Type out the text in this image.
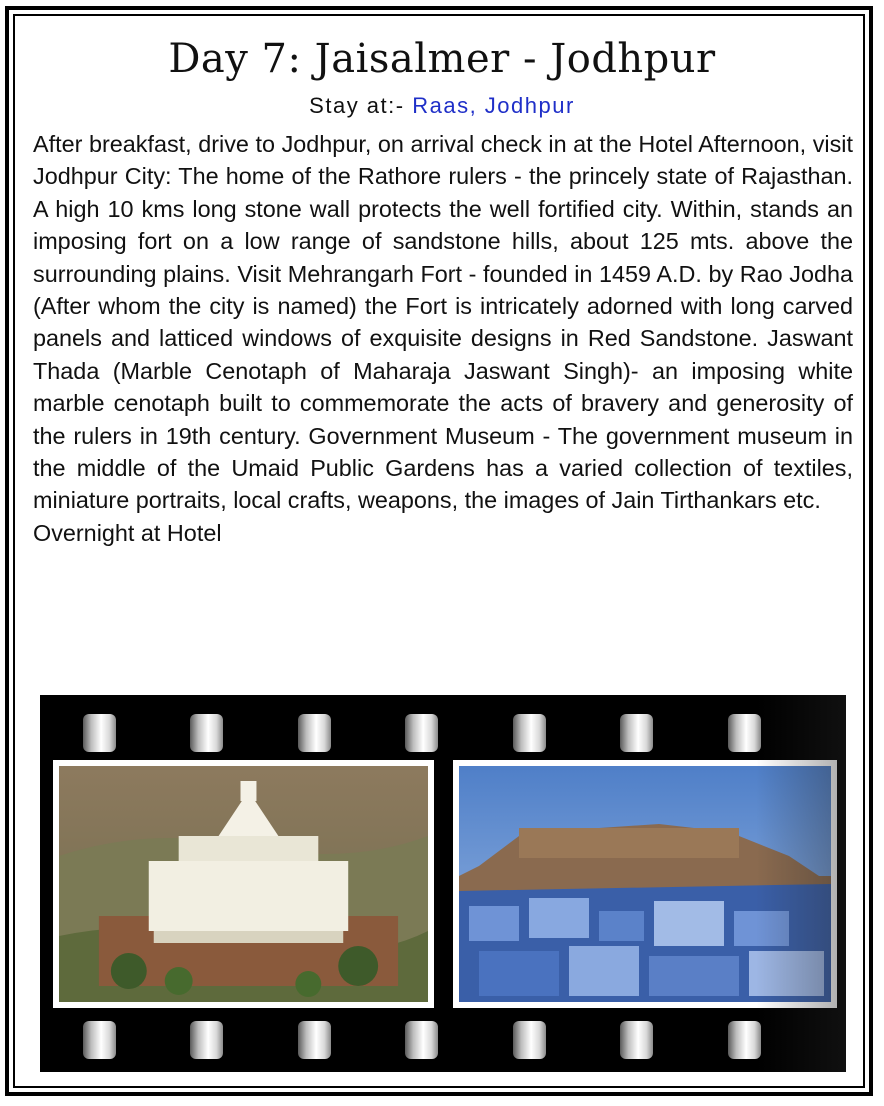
Day 7: Jaisalmer - Jodhpur
Stay at:- Raas, Jodhpur

After breakfast, drive to Jodhpur, on arrival check in at the Hotel Afternoon, visit Jodhpur City: The home of the Rathore rulers - the princely state of Rajasthan. A high 10 kms long stone wall protects the well fortified city. Within, stands an imposing fort on a low range of sandstone hills, about 125 mts. above the surrounding plains. Visit Mehrangarh Fort - founded in 1459 A.D. by Rao Jodha (After whom the city is named) the Fort is intricately adorned with long carved panels and latticed windows of exquisite designs in Red Sandstone. Jaswant Thada (Marble Cenotaph of Maharaja Jaswant Singh)- an imposing white marble cenotaph built to commemorate the acts of bravery and generosity of the rulers in 19th century. Government Museum - The government museum in the middle of the Umaid Public Gardens has a varied collection of textiles, miniature portraits, local crafts, weapons, the images of Jain Tirthankars etc.

Overnight at Hotel
